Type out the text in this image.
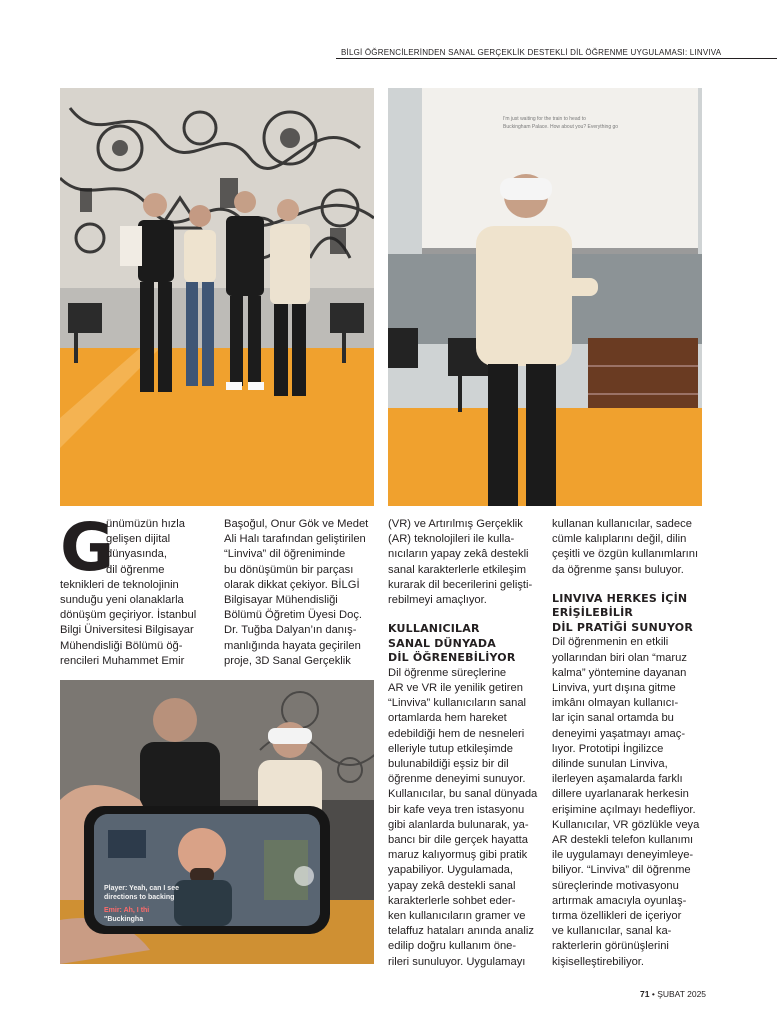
BİLGİ ÖĞRENCİLERİNDEN SANAL GERÇEKLİK DESTEKLİ DİL ÖĞRENME UYGULAMASI: LINVIVA
I'm just waiting for the train to head to
Buckingham Palace. How about you? Everything go
Player: Yeah, can I see
directions to backing
Emir: Ah, I thi
"Buckingha
G
ünümüzün hızla
gelişen dijital
dünyasında,
dil öğrenme
teknikleri de teknolojinin
sunduğu yeni olanaklarla
dönüşüm geçiriyor. İstanbul
Bilgi Üniversitesi Bilgisayar
Mühendisliği Bölümü öğ-
rencileri Muhammet Emir
Başoğul, Onur Gök ve Medet
Ali Halı tarafından geliştirilen
“Linviva” dil öğreniminde
bu dönüşümün bir parçası
olarak dikkat çekiyor. BİLGİ
Bilgisayar Mühendisliği
Bölümü Öğretim Üyesi Doç.
Dr. Tuğba Dalyan’ın danış-
manlığında hayata geçirilen
proje, 3D Sanal Gerçeklik
(VR) ve Artırılmış Gerçeklik
(AR) teknolojileri ile kulla-
nıcıların yapay zekâ destekli
sanal karakterlerle etkileşim
kurarak dil becerilerini gelişti-
rebilmeyi amaçlıyor.
KULLANICILAR
SANAL DÜNYADA
DİL ÖĞRENEBİLİYOR
Dil öğrenme süreçlerine
AR ve VR ile yenilik getiren
“Linviva” kullanıcıların sanal
ortamlarda hem hareket
edebildiği hem de nesneleri
elleriyle tutup etkileşimde
bulunabildiği eşsiz bir dil
öğrenme deneyimi sunuyor.
Kullanıcılar, bu sanal dünyada
bir kafe veya tren istasyonu
gibi alanlarda bulunarak, ya-
bancı bir dile gerçek hayatta
maruz kalıyormuş gibi pratik
yapabiliyor. Uygulamada,
yapay zekâ destekli sanal
karakterlerle sohbet eder-
ken kullanıcıların gramer ve
telaffuz hataları anında analiz
edilip doğru kullanım öne-
rileri sunuluyor. Uygulamayı
kullanan kullanıcılar, sadece
cümle kalıplarını değil, dilin
çeşitli ve özgün kullanımlarını
da öğrenme şansı buluyor.
LINVIVA HERKES İÇİN
ERİŞİLEBİLİR
DİL PRATİĞİ SUNUYOR
Dil öğrenmenin en etkili
yollarından biri olan “maruz
kalma” yöntemine dayanan
Linviva, yurt dışına gitme
imkânı olmayan kullanıcı-
lar için sanal ortamda bu
deneyimi yaşatmayı amaç-
lıyor. Prototipi İngilizce
dilinde sunulan Linviva,
ilerleyen aşamalarda farklı
dillere uyarlanarak herkesin
erişimine açılmayı hedefliyor.
Kullanıcılar, VR gözlükle veya
AR destekli telefon kullanımı
ile uygulamayı deneyimleye-
biliyor. “Linviva” dil öğrenme
süreçlerinde motivasyonu
artırmak amacıyla oyunlaş-
tırma özellikleri de içeriyor
ve kullanıcılar, sanal ka-
rakterlerin görünüşlerini
kişiselleştirebiliyor.
71 • ŞUBAT 2025
